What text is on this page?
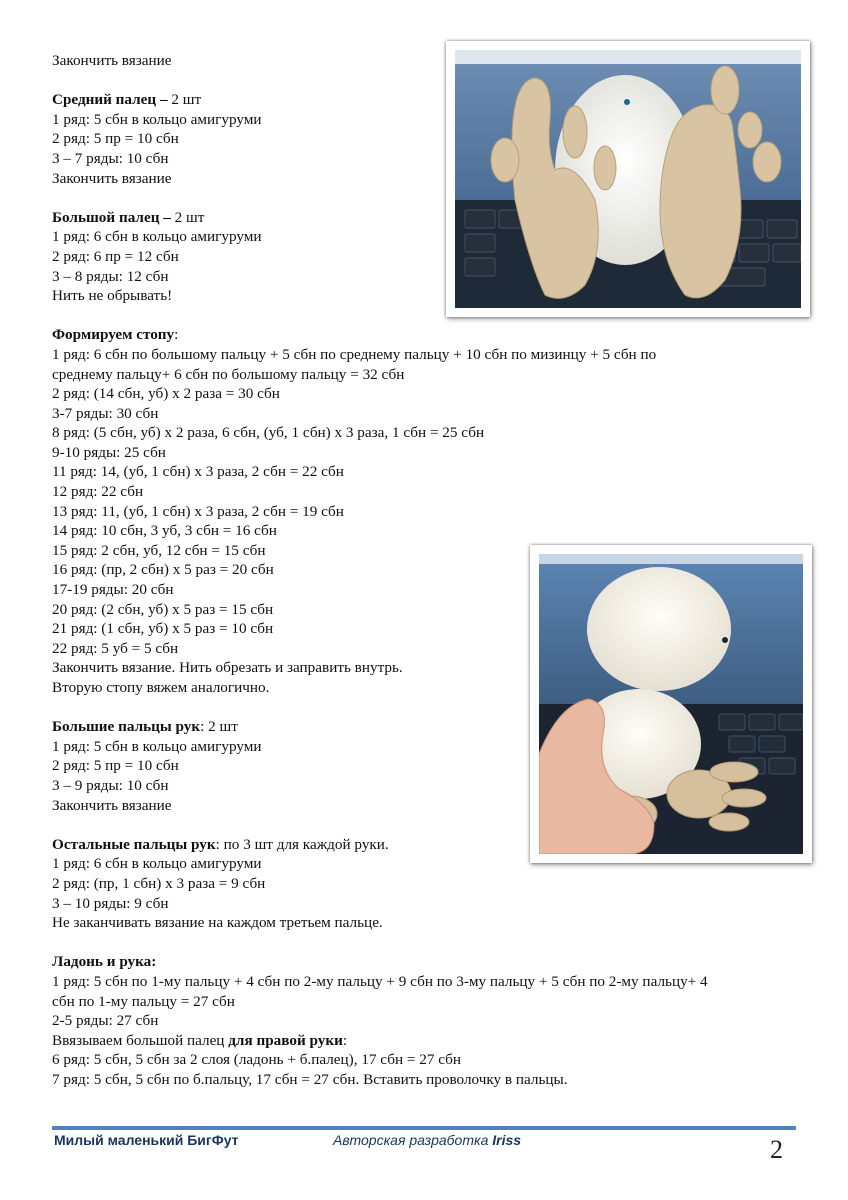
Закончить вязание

Средний палец – 2 шт

1 ряд: 5 сбн в кольцо амигуруми

2 ряд: 5 пр = 10 сбн

3 – 7 ряды: 10 сбн

Закончить вязание

Большой палец – 2 шт

1 ряд: 6 сбн в кольцо амигуруми

2 ряд: 6 пр = 12 сбн

3 – 8 ряды: 12 сбн

Нить не обрывать!

Формируем стопу:

1 ряд: 6 сбн по большому пальцу + 5 сбн по среднему пальцу + 10 сбн по мизинцу + 5 сбн по

среднему пальцу+ 6 сбн по большому пальцу = 32 сбн

2 ряд: (14 сбн, уб) х 2 раза = 30 сбн

3-7 ряды: 30 сбн

8 ряд: (5 сбн, уб) х 2 раза, 6 сбн, (уб, 1 сбн) х 3 раза, 1 сбн = 25 сбн

9-10 ряды: 25 сбн

11 ряд: 14, (уб, 1 сбн) х 3 раза, 2 сбн = 22 сбн

12 ряд: 22 сбн

13 ряд: 11, (уб, 1 сбн) х 3 раза, 2 сбн = 19 сбн

14 ряд: 10 сбн, 3 уб, 3 сбн = 16 сбн

15 ряд: 2 сбн, уб, 12 сбн = 15 сбн

16 ряд: (пр, 2 сбн) х 5 раз = 20 сбн

17-19 ряды: 20 сбн

20 ряд: (2 сбн, уб) х 5 раз = 15 сбн

21 ряд: (1 сбн, уб) х 5 раз = 10 сбн

22 ряд: 5 уб = 5 сбн

Закончить вязание. Нить обрезать и заправить внутрь.

Вторую стопу вяжем аналогично.

Большие пальцы рук: 2 шт

1 ряд: 5 сбн в кольцо амигуруми

2 ряд: 5 пр = 10 сбн

3 – 9 ряды: 10 сбн

Закончить вязание

Остальные пальцы рук: по 3 шт для каждой руки.

1 ряд: 6 сбн в кольцо амигуруми

2 ряд: (пр, 1 сбн) х 3 раза = 9 сбн

3 – 10 ряды: 9 сбн

Не заканчивать вязание на каждом третьем пальце.

Ладонь и рука:

1 ряд: 5 сбн по 1-му пальцу + 4 сбн по 2-му пальцу + 9 сбн по 3-му пальцу + 5 сбн по 2-му пальцу+ 4

сбн по 1-му пальцу = 27 сбн

2-5 ряды: 27 сбн

Ввязываем большой палец для правой руки:

6 ряд: 5 сбн, 5 сбн за 2 слоя (ладонь + б.палец), 17 сбн = 27 сбн

7 ряд: 5 сбн, 5 сбн по б.пальцу, 17 сбн = 27 сбн. Вставить проволочку в пальцы.

Милый маленький БигФут	Авторская разработка Iriss	2
